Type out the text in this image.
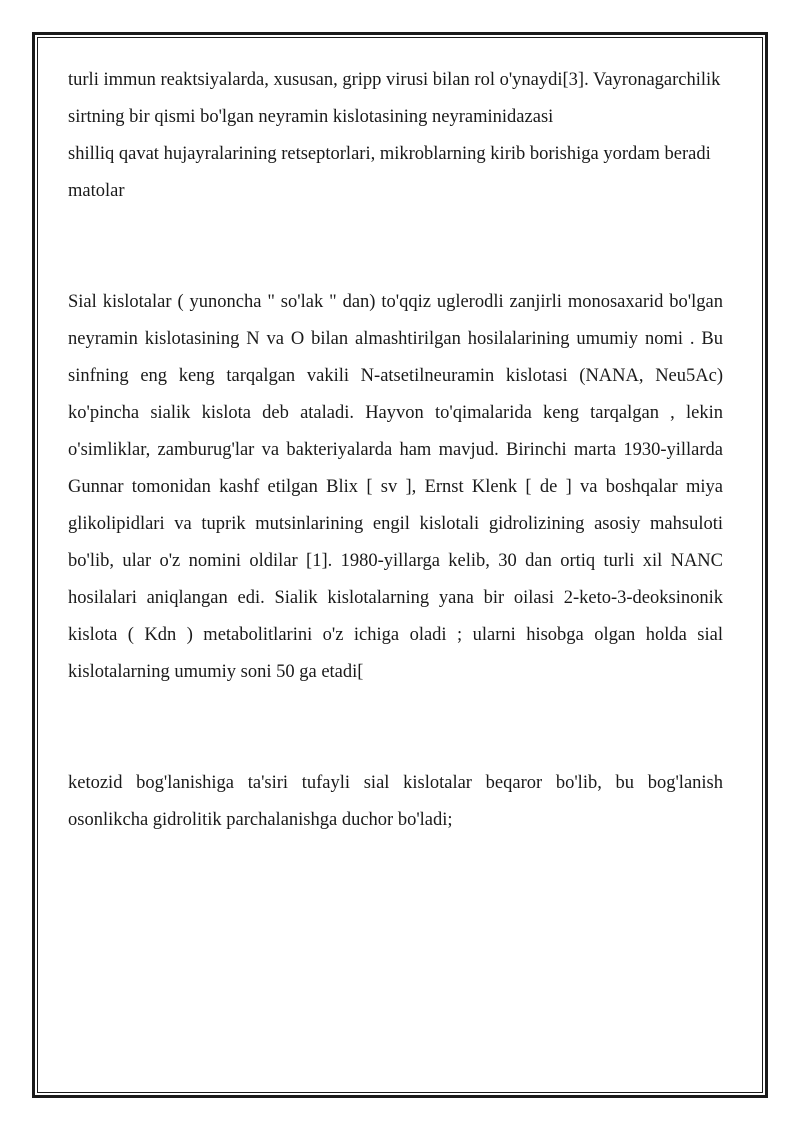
turli immun reaktsiyalarda, xususan, gripp virusi bilan rol o'ynaydi[3]. Vayronagarchilik

sirtning bir qismi bo'lgan neyramin kislotasining neyraminidazasi

shilliq qavat hujayralarining retseptorlari, mikroblarning kirib borishiga yordam beradi

matolar

Sial kislotalar ( yunoncha " so'lak " dan) to'qqiz uglerodli zanjirli monosaxarid bo'lgan neyramin kislotasining N va O bilan almashtirilgan hosilalarining umumiy nomi . Bu sinfning eng keng tarqalgan vakili N-atsetilneuramin kislotasi (NANA, Neu5Ac) ko'pincha sialik kislota deb ataladi. Hayvon to'qimalarida keng tarqalgan , lekin o'simliklar, zamburug'lar va bakteriyalarda ham mavjud. Birinchi marta 1930-yillarda Gunnar tomonidan kashf etilgan Blix [ sv ], Ernst Klenk [ de ] va boshqalar miya glikolipidlari va tuprik mutsinlarining engil kislotali gidrolizining asosiy mahsuloti bo'lib, ular o'z nomini oldilar [1]. 1980-yillarga kelib, 30 dan ortiq turli xil NANC hosilalari aniqlangan edi. Sialik kislotalarning yana bir oilasi 2-keto-3-deoksinonik kislota ( Kdn ) metabolitlarini o'z ichiga oladi ; ularni hisobga olgan holda sial kislotalarning umumiy soni 50 ga etadi[

ketozid bog'lanishiga ta'siri tufayli sial kislotalar beqaror bo'lib, bu bog'lanish osonlikcha gidrolitik parchalanishga duchor bo'ladi;
